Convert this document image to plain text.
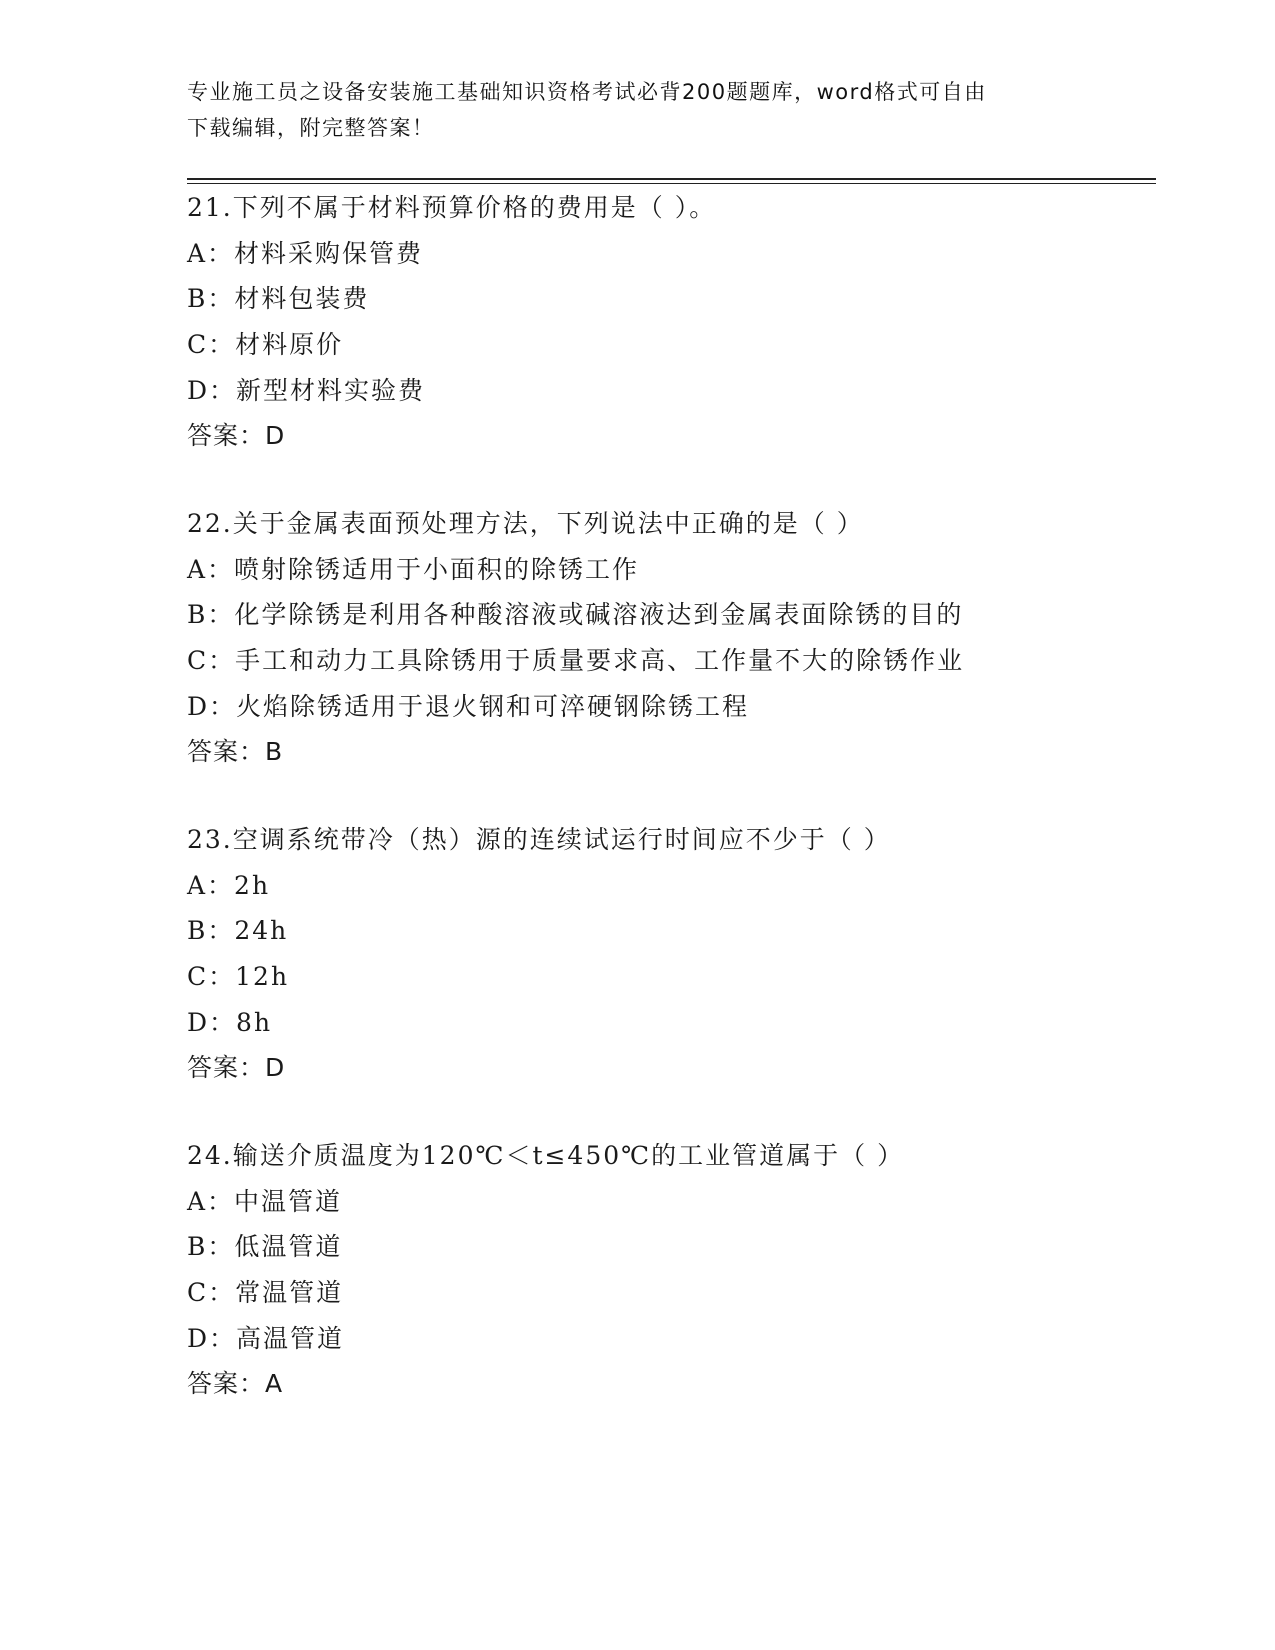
专业施工员之设备安装施工基础知识资格考试必背200题题库，word格式可自由
下载编辑，附完整答案！
21.下列不属于材料预算价格的费用是（ ）。
A：材料采购保管费
B：材料包装费
C：材料原价
D：新型材料实验费
答案：D
22.关于金属表面预处理方法，下列说法中正确的是（ ）
A：喷射除锈适用于小面积的除锈工作
B：化学除锈是利用各种酸溶液或碱溶液达到金属表面除锈的目的
C：手工和动力工具除锈用于质量要求高、工作量不大的除锈作业
D：火焰除锈适用于退火钢和可淬硬钢除锈工程
答案：B
23.空调系统带冷（热）源的连续试运行时间应不少于（ ）
A：2h
B：24h
C：12h
D：8h
答案：D
24.输送介质温度为120℃＜t≤450℃的工业管道属于（ ）
A：中温管道
B：低温管道
C：常温管道
D：高温管道
答案：A
